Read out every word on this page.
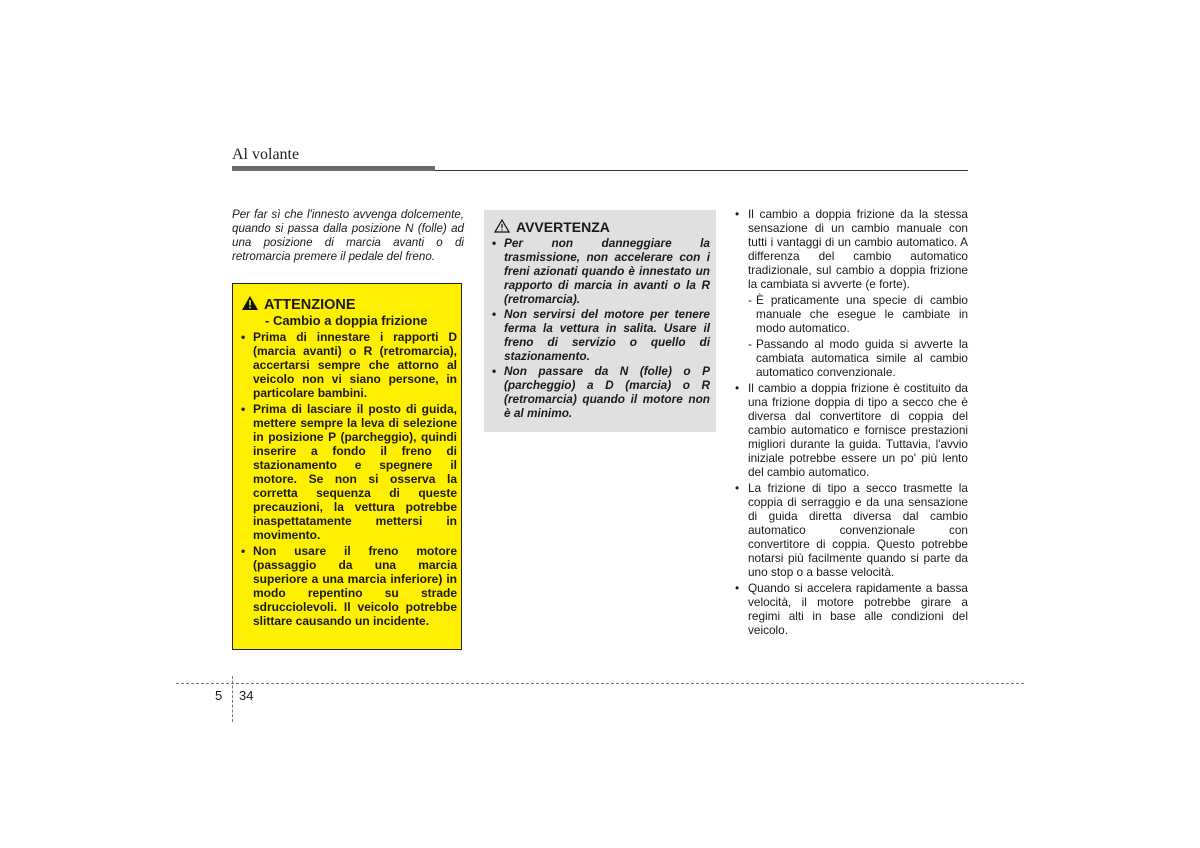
Al volante

Per far sì che l'innesto avvenga dolcemente, quando si passa dalla posizione N (folle) ad una posizione di marcia avanti o di retromarcia premere il pedale del freno.

ATTENZIONE
- Cambio a doppia frizione
• Prima di innestare i rapporti D (marcia avanti) o R (retromarcia), accertarsi sempre che attorno al veicolo non vi siano persone, in particolare bambini.
• Prima di lasciare il posto di guida, mettere sempre la leva di selezione in posizione P (parcheggio), quindi inserire a fondo il freno di stazionamento e spegnere il motore. Se non si osserva la corretta sequenza di queste precauzioni, la vettura potrebbe inaspettatamente mettersi in movimento.
• Non usare il freno motore (passaggio da una marcia superiore a una marcia inferiore) in modo repentino su strade sdrucciolevoli. Il veicolo potrebbe slittare causando un incidente.
AVVERTENZA
• Per non danneggiare la trasmissione, non accelerare con i freni azionati quando è innestato un rapporto di marcia in avanti o la R (retromarcia).
• Non servirsi del motore per tenere ferma la vettura in salita. Usare il freno di servizio o quello di stazionamento.
• Non passare da N (folle) o P (parcheggio) a D (marcia) o R (retromarcia) quando il motore non è al minimo.
• Il cambio a doppia frizione da la stessa sensazione di un cambio manuale con tutti i vantaggi di un cambio automatico. A differenza del cambio automatico tradizionale, sul cambio a doppia frizione la cambiata si avverte (e forte).
- È praticamente una specie di cambio manuale che esegue le cambiate in modo automatico.
- Passando al modo guida si avverte la cambiata automatica simile al cambio automatico convenzionale.
• Il cambio a doppia frizione è costituito da una frizione doppia di tipo a secco che è diversa dal convertitore di coppia del cambio automatico e fornisce prestazioni migliori durante la guida. Tuttavia, l'avvio iniziale potrebbe essere un po' più lento del cambio automatico.
• La frizione di tipo a secco trasmette la coppia di serraggio e da una sensazione di guida diretta diversa dal cambio automatico convenzionale con convertitore di coppia. Questo potrebbe notarsi più facilmente quando si parte da uno stop o a basse velocità.
• Quando si accelera rapidamente a bassa velocità, il motore potrebbe girare a regimi alti in base alle condizioni del veicolo.
5 34
